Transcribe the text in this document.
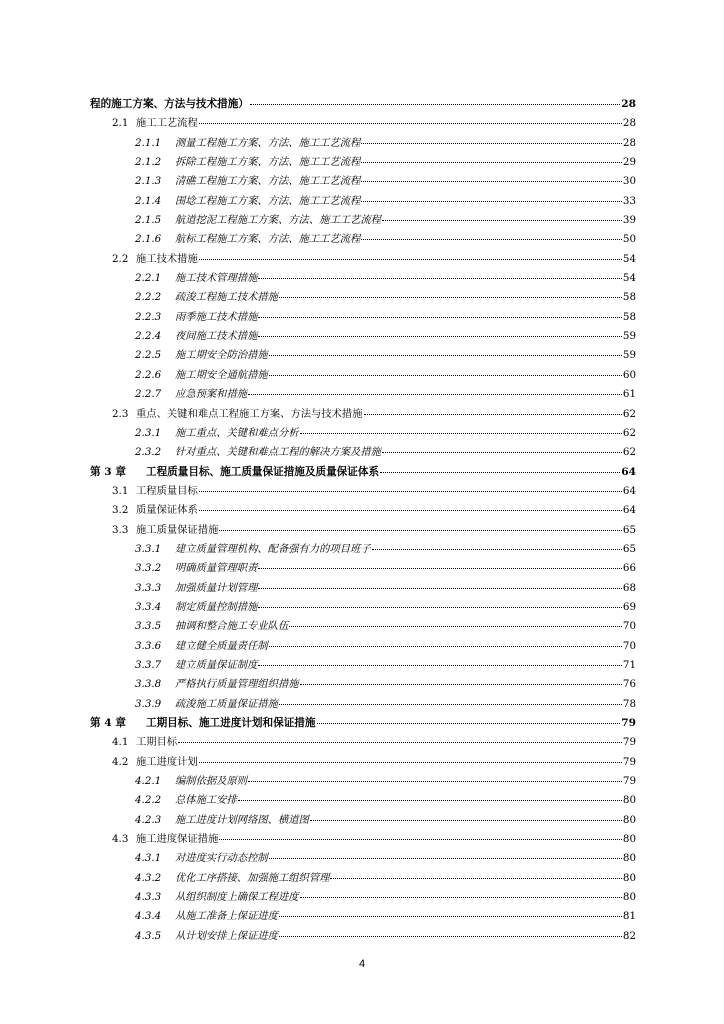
程的施工方案、方法与技术措施）	28
2.1 施工工艺流程	28
2.1.1	测量工程施工方案、方法、施工工艺流程	28
2.1.2	拆除工程施工方案、方法、施工工艺流程	29
2.1.3	清礁工程施工方案、方法、施工工艺流程	30
2.1.4	围埝工程施工方案、方法、施工工艺流程	33
2.1.5	航道挖泥工程施工方案、方法、施工工艺流程	39
2.1.6	航标工程施工方案、方法、施工工艺流程	50
2.2 施工技术措施	54
2.2.1	施工技术管理措施	54
2.2.2	疏浚工程施工技术措施	58
2.2.3	雨季施工技术措施	58
2.2.4	夜间施工技术措施	59
2.2.5	施工期安全防治措施	59
2.2.6	施工期安全通航措施	60
2.2.7	应急预案和措施	61
2.3 重点、关键和难点工程施工方案、方法与技术措施	62
2.3.1	施工重点、关键和难点分析	62
2.3.2	针对重点、关键和难点工程的解决方案及措施	62
第 3 章	工程质量目标、施工质量保证措施及质量保证体系	64
3.1 工程质量目标	64
3.2 质量保证体系	64
3.3 施工质量保证措施	65
3.3.1	建立质量管理机构、配备强有力的项目班子	65
3.3.2	明确质量管理职责	66
3.3.3	加强质量计划管理	68
3.3.4	制定质量控制措施	69
3.3.5	抽调和整合施工专业队伍	70
3.3.6	建立健全质量责任制	70
3.3.7	建立质量保证制度	71
3.3.8	严格执行质量管理组织措施	76
3.3.9	疏浚施工质量保证措施	78
第 4 章	工期目标、施工进度计划和保证措施	79
4.1 工期目标	79
4.2 施工进度计划	79
4.2.1	编制依据及原则	79
4.2.2	总体施工安排	80
4.2.3	施工进度计划网络图、横道图	80
4.3 施工进度保证措施	80
4.3.1	对进度实行动态控制	80
4.3.2	优化工序搭接、加强施工组织管理	80
4.3.3	从组织制度上确保工程进度	80
4.3.4	从施工准备上保证进度	81
4.3.5	从计划安排上保证进度	82
4
